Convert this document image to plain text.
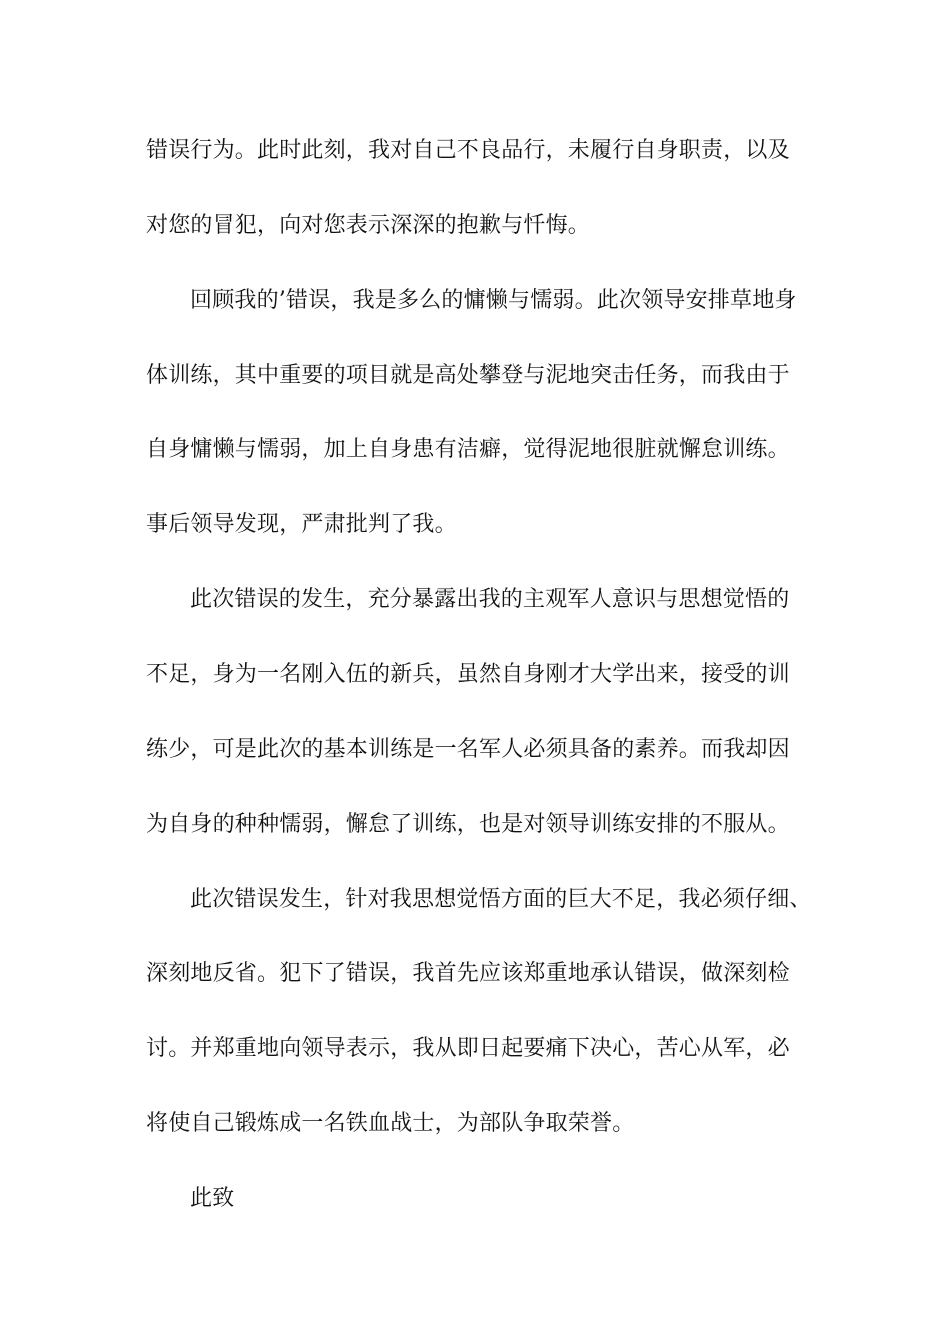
错误行为。此时此刻，我对自己不良品行，未履行自身职责，以及
对您的冒犯，向对您表示深深的抱歉与忏悔。
回顾我的’错误，我是多么的慵懒与懦弱。此次领导安排草地身
体训练，其中重要的项目就是高处攀登与泥地突击任务，而我由于
自身慵懒与懦弱，加上自身患有洁癖，觉得泥地很脏就懈怠训练。
事后领导发现，严肃批判了我。
此次错误的发生，充分暴露出我的主观军人意识与思想觉悟的
不足，身为一名刚入伍的新兵，虽然自身刚才大学出来，接受的训
练少，可是此次的基本训练是一名军人必须具备的素养。而我却因
为自身的种种懦弱，懈怠了训练，也是对领导训练安排的不服从。
此次错误发生，针对我思想觉悟方面的巨大不足，我必须仔细、
深刻地反省。犯下了错误，我首先应该郑重地承认错误，做深刻检
讨。并郑重地向领导表示，我从即日起要痛下决心，苦心从军，必
将使自己锻炼成一名铁血战士，为部队争取荣誉。
此致
